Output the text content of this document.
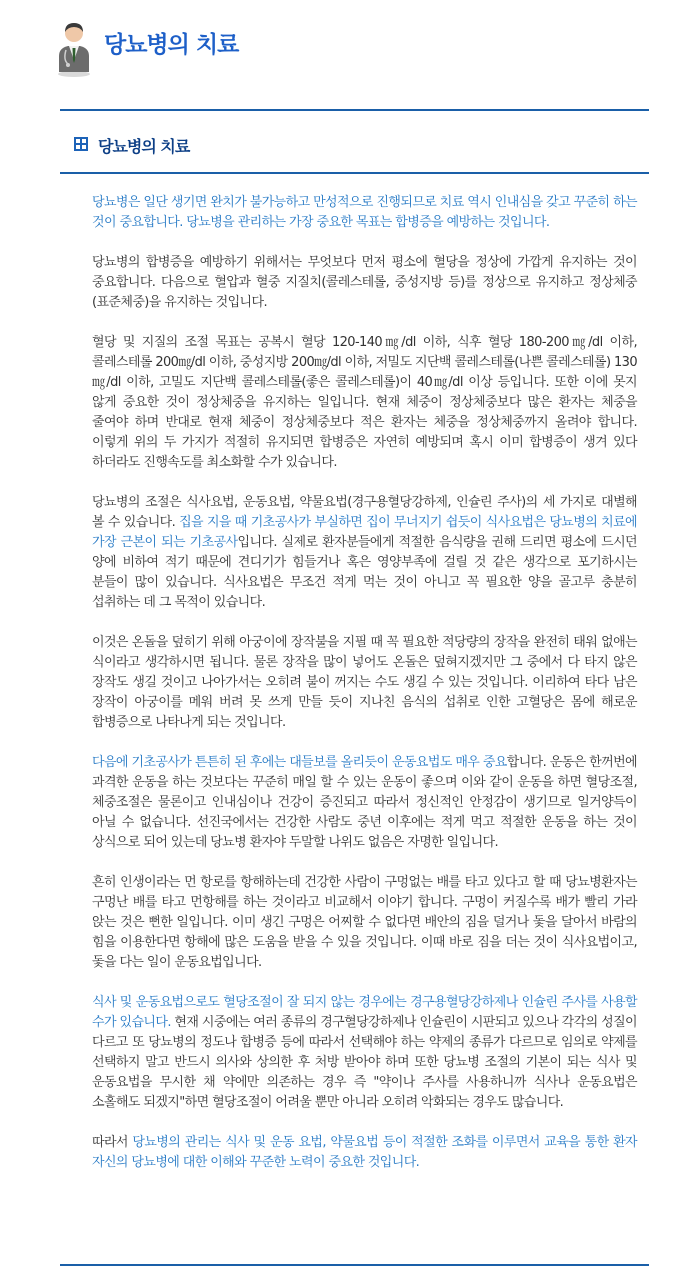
당뇨병의 치료
당뇨병의 치료

당뇨병은 일단 생기면 완치가 불가능하고 만성적으로 진행되므로 치료 역시 인내심을 갖고 꾸준히 하는 것이 중요합니다. 당뇨병을 관리하는 가장 중요한 목표는 합병증을 예방하는 것입니다.

당뇨병의 합병증을 예방하기 위해서는 무엇보다 먼저 평소에 혈당을 정상에 가깝게 유지하는 것이 중요합니다. 다음으로 혈압과 혈중 지질치(콜레스테롤, 중성지방 등)를 정상으로 유지하고 정상체중(표준체중)을 유지하는 것입니다.

혈당 및 지질의 조절 목표는 공복시 혈당 120-140㎎/dl 이하, 식후 혈당 180-200㎎/dl 이하, 콜레스테롤 200㎎/dl 이하, 중성지방 200㎎/dl 이하, 저밀도 지단백 콜레스테롤(나쁜 콜레스테롤) 130㎎/dl 이하, 고밀도 지단백 콜레스테롤(좋은 콜레스테롤)이 40㎎/dl 이상 등입니다. 또한 이에 못지 않게 중요한 것이 정상체중을 유지하는 일입니다. 현재 체중이 정상체중보다 많은 환자는 체중을 줄여야 하며 반대로 현재 체중이 정상체중보다 적은 환자는 체중을 정상체중까지 올려야 합니다. 이렇게 위의 두 가지가 적절히 유지되면 합병증은 자연히 예방되며 혹시 이미 합병증이 생겨 있다 하더라도 진행속도를 최소화할 수가 있습니다.

당뇨병의 조절은 식사요법, 운동요법, 약물요법(경구용혈당강하제, 인슐린 주사)의 세 가지로 대별해 볼 수 있습니다. 집을 지을 때 기초공사가 부실하면 집이 무너지기 쉽듯이 식사요법은 당뇨병의 치료에 가장 근본이 되는 기초공사입니다. 실제로 환자분들에게 적절한 음식량을 권해 드리면 평소에 드시던 양에 비하여 적기 때문에 견디기가 힘들거나 혹은 영양부족에 걸릴 것 같은 생각으로 포기하시는 분들이 많이 있습니다. 식사요법은 무조건 적게 먹는 것이 아니고 꼭 필요한 양을 골고루 충분히 섭취하는 데 그 목적이 있습니다.

이것은 온돌을 덮히기 위해 아궁이에 장작불을 지필 때 꼭 필요한 적당량의 장작을 완전히 태워 없애는 식이라고 생각하시면 됩니다. 물론 장작을 많이 넣어도 온돌은 덮혀지겠지만 그 중에서 다 타지 않은 장작도 생길 것이고 나아가서는 오히려 불이 꺼지는 수도 생길 수 있는 것입니다. 이리하여 타다 남은 장작이 아궁이를 메워 버려 못 쓰게 만들 듯이 지나친 음식의 섭취로 인한 고혈당은 몸에 해로운 합병증으로 나타나게 되는 것입니다.

다음에 기초공사가 튼튼히 된 후에는 대들보를 올리듯이 운동요법도 매우 중요합니다. 운동은 한꺼번에 과격한 운동을 하는 것보다는 꾸준히 매일 할 수 있는 운동이 좋으며 이와 같이 운동을 하면 혈당조절, 체중조절은 물론이고 인내심이나 건강이 증진되고 따라서 정신적인 안정감이 생기므로 일거양득이 아닐 수 없습니다. 선진국에서는 건강한 사람도 중년 이후에는 적게 먹고 적절한 운동을 하는 것이 상식으로 되어 있는데 당뇨병 환자야 두말할 나위도 없음은 자명한 일입니다.

흔히 인생이라는 먼 항로를 항해하는데 건강한 사람이 구멍없는 배를 타고 있다고 할 때 당뇨병환자는 구멍난 배를 타고 먼항해를 하는 것이라고 비교해서 이야기 합니다. 구멍이 커질수록 배가 빨리 가라 앉는 것은 뻔한 일입니다. 이미 생긴 구멍은 어찌할 수 없다면 배안의 짐을 덜거나 돛을 달아서 바람의 힘을 이용한다면 항해에 많은 도움을 받을 수 있을 것입니다. 이때 바로 짐을 더는 것이 식사요법이고, 돛을 다는 일이 운동요법입니다.

식사 및 운동요법으로도 혈당조절이 잘 되지 않는 경우에는 경구용혈당강하제나 인슐린 주사를 사용할 수가 있습니다. 현재 시중에는 여러 종류의 경구혈당강하제나 인슐린이 시판되고 있으나 각각의 성질이 다르고 또 당뇨병의 정도나 합병증 등에 따라서 선택해야 하는 약제의 종류가 다르므로 임의로 약제를 선택하지 말고 반드시 의사와 상의한 후 처방 받아야 하며 또한 당뇨병 조절의 기본이 되는 식사 및 운동요법을 무시한 채 약에만 의존하는 경우 즉 "약이나 주사를 사용하니까 식사나 운동요법은 소홀해도 되겠지"하면 혈당조절이 어려울 뿐만 아니라 오히려 악화되는 경우도 많습니다.

따라서 당뇨병의 관리는 식사 및 운동 요법, 약물요법 등이 적절한 조화를 이루면서 교육을 통한 환자 자신의 당뇨병에 대한 이해와 꾸준한 노력이 중요한 것입니다.
